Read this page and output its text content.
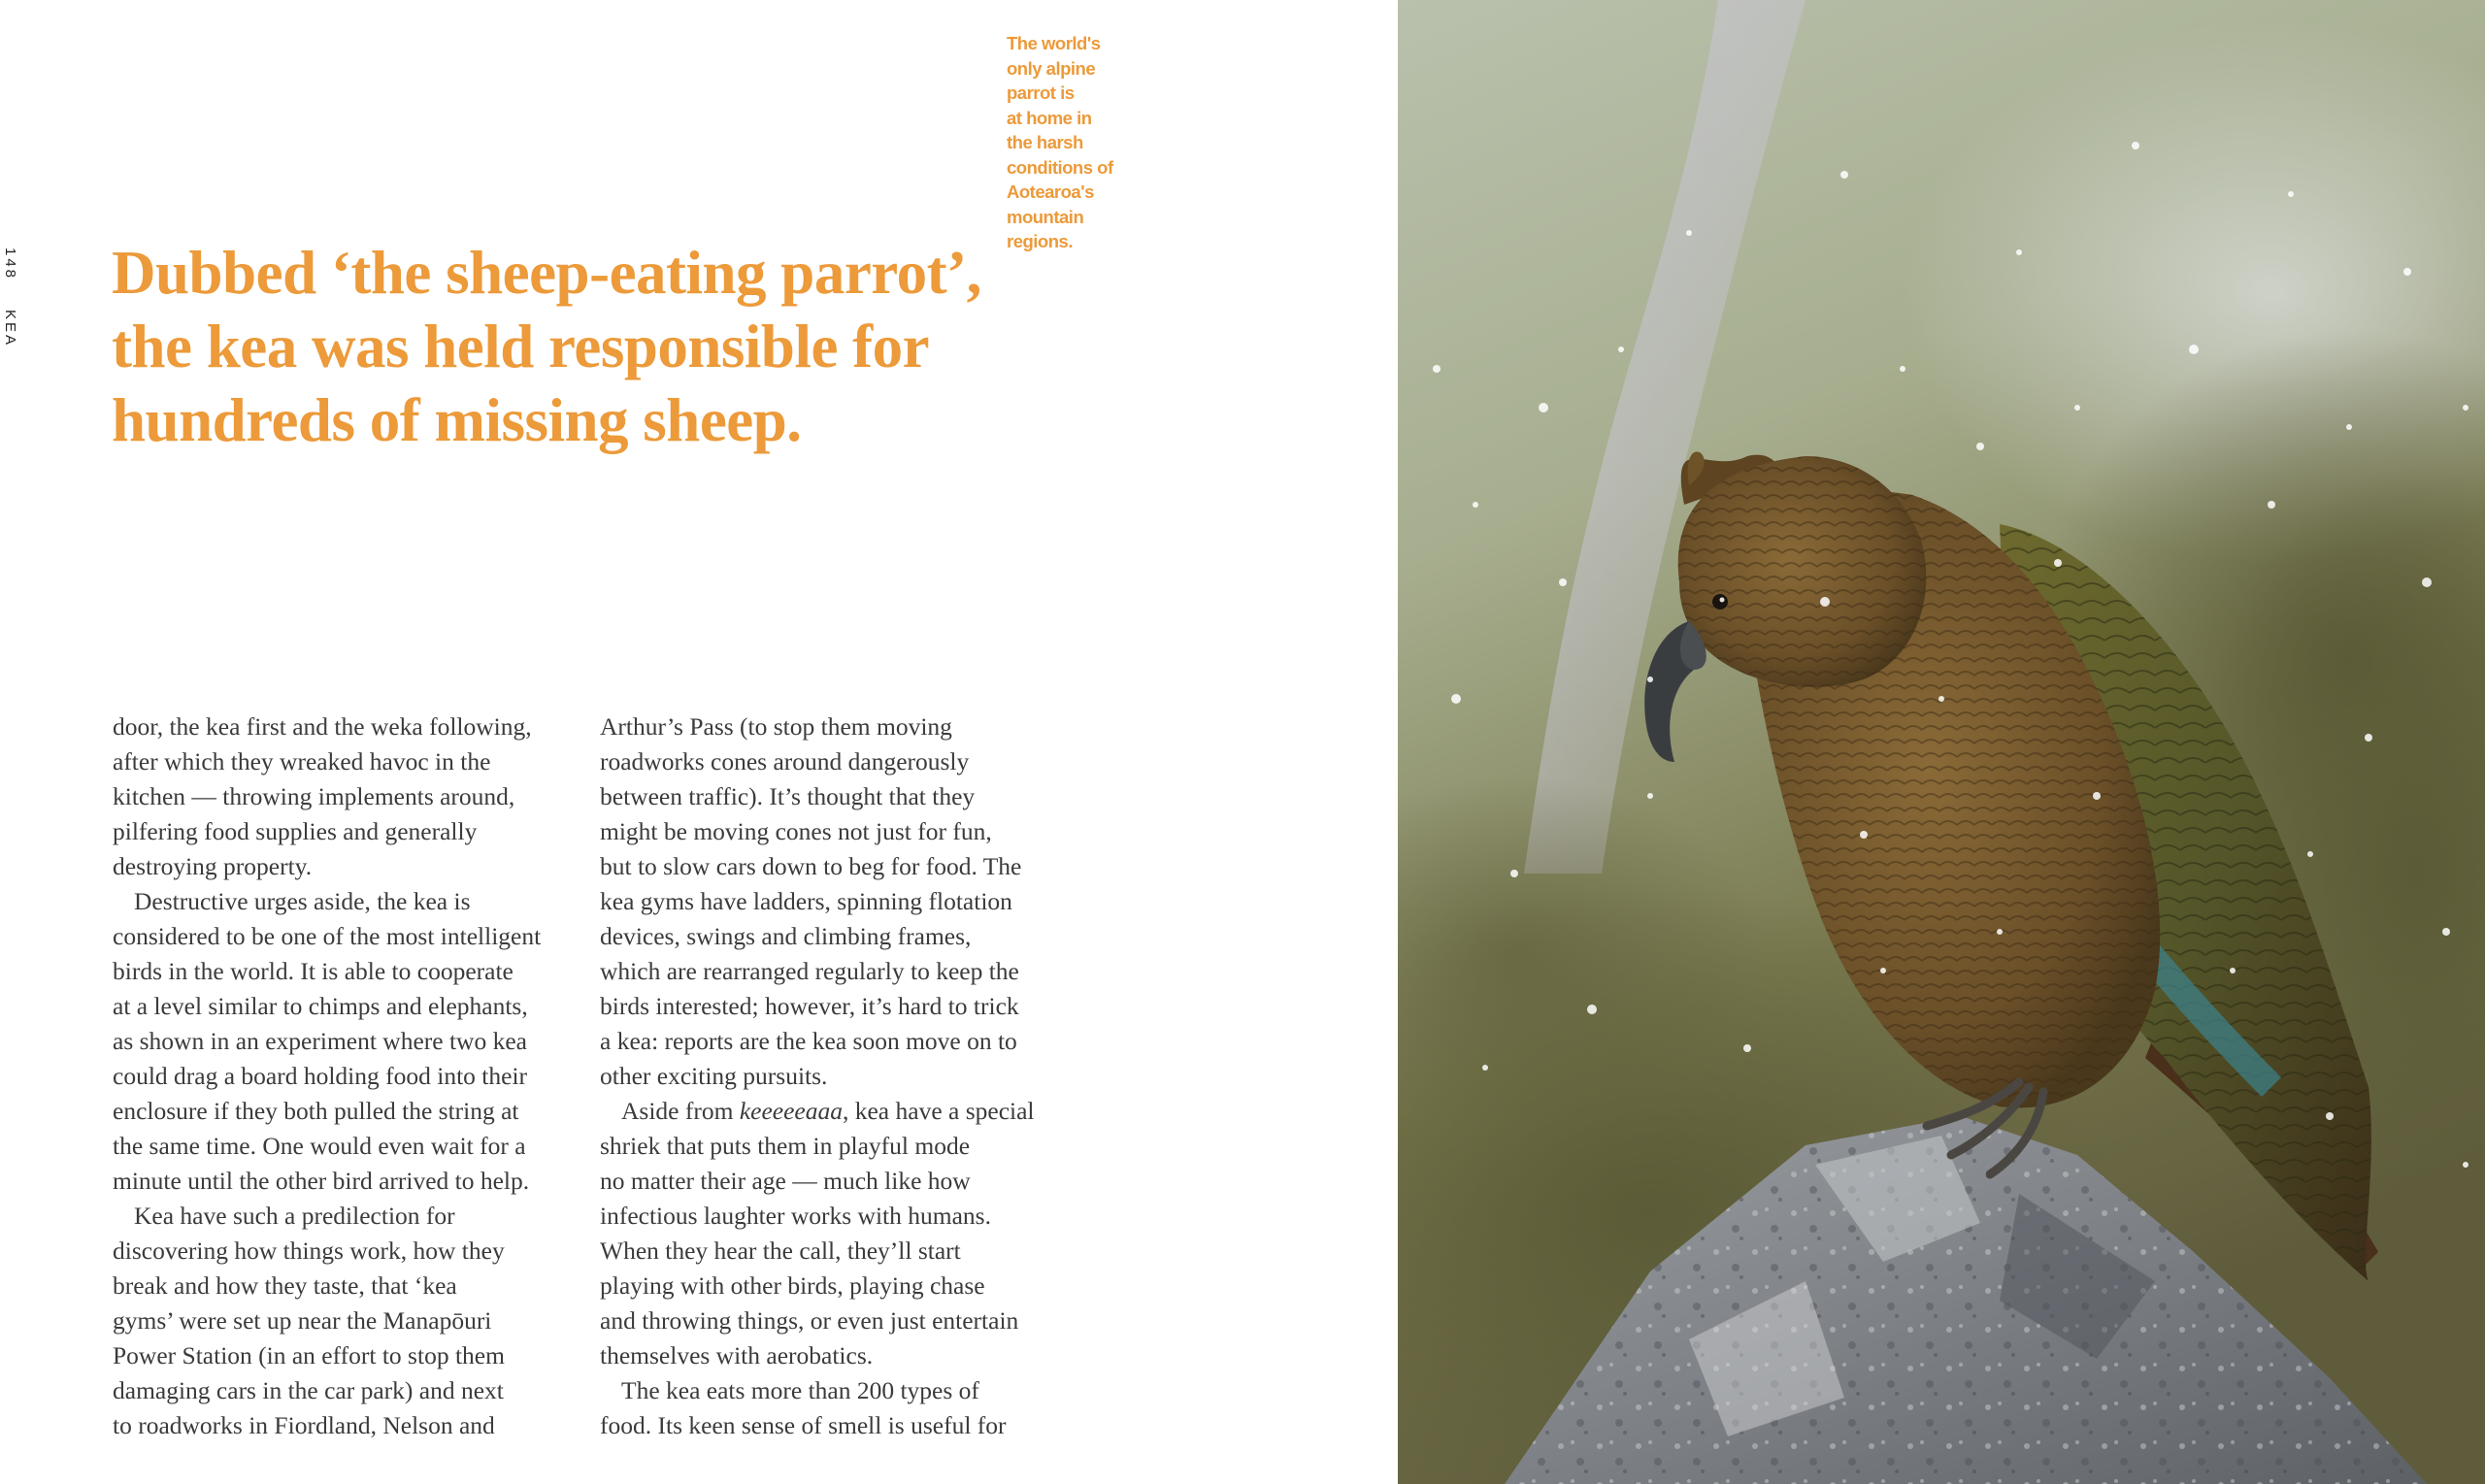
148  KEA
The world's
only alpine
parrot is
at home in
the harsh
conditions of
Aotearoa's
mountain
regions.
Dubbed ‘the sheep-eating parrot’,
the kea was held responsible for
hundreds of missing sheep.
door, the kea first and the weka following,
after which they wreaked havoc in the
kitchen — throwing implements around,
pilfering food supplies and generally
destroying property.
Destructive urges aside, the kea is
considered to be one of the most intelligent
birds in the world. It is able to cooperate
at a level similar to chimps and elephants,
as shown in an experiment where two kea
could drag a board holding food into their
enclosure if they both pulled the string at
the same time. One would even wait for a
minute until the other bird arrived to help.
Kea have such a predilection for
discovering how things work, how they
break and how they taste, that ‘kea
gyms’ were set up near the Manapōuri
Power Station (in an effort to stop them
damaging cars in the car park) and next
to roadworks in Fiordland, Nelson and
Arthur’s Pass (to stop them moving
roadworks cones around dangerously
between traffic). It’s thought that they
might be moving cones not just for fun,
but to slow cars down to beg for food. The
kea gyms have ladders, spinning flotation
devices, swings and climbing frames,
which are rearranged regularly to keep the
birds interested; however, it’s hard to trick
a kea: reports are the kea soon move on to
other exciting pursuits.
Aside from keeeeeaaa, kea have a special
shriek that puts them in playful mode
no matter their age — much like how
infectious laughter works with humans.
When they hear the call, they’ll start
playing with other birds, playing chase
and throwing things, or even just entertain
themselves with aerobatics.
The kea eats more than 200 types of
food. Its keen sense of smell is useful for
